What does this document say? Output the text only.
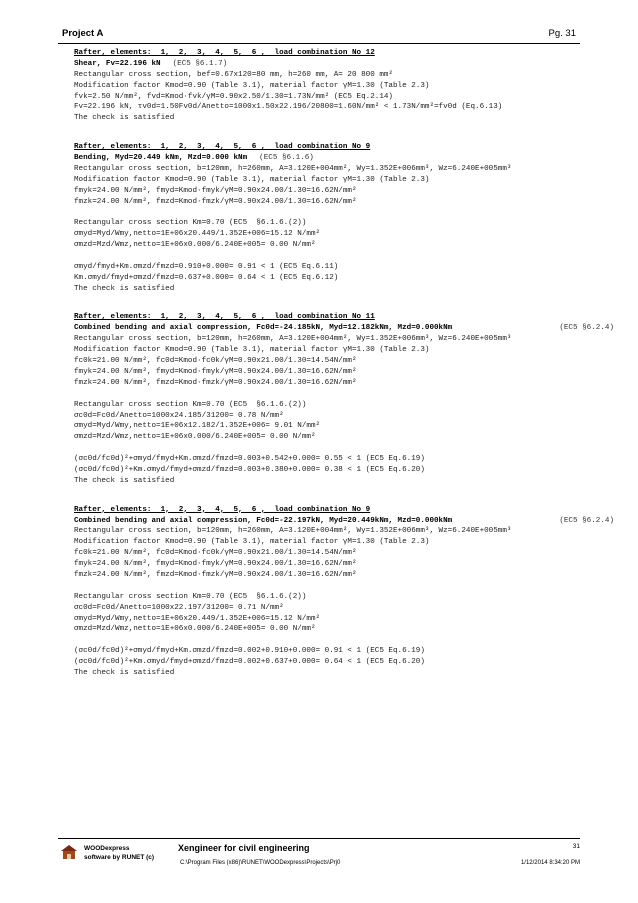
Project A	Pg. 31
Rafter, elements:  1,  2,  3,  4,  5,  6 ,  load combination No 12
Shear, Fv=22.196 kN (EC5 §6.1.7)
Rectangular cross section, bef=0.67x120=80 mm, h=260 mm, A= 20 800 mm²
Modification factor Kmod=0.90 (Table 3.1), material factor γM=1.30 (Table 2.3)
fvk=2.50 N/mm², fvd=Kmod·fvk/γM=0.90x2.50/1.30=1.73N/mm² (EC5 Eq.2.14)
Fv=22.196 kN, τv0d=1.50Fv0d/Anetto=1000x1.50x22.196/20800=1.60N/mm² < 1.73N/mm²=fv0d (Eq.6.13)
The check is satisfied
Rafter, elements:  1,  2,  3,  4,  5,  6 ,  load combination No 9
Bending, Myd=20.449 kNm, Mzd=0.000 kNm (EC5 §6.1.6)
Rectangular cross section, b=120mm, h=260mm, A=3.120E+004mm², Wy=1.352E+006mm³, Wz=6.240E+005mm³
Modification factor Kmod=0.90 (Table 3.1), material factor γM=1.30 (Table 2.3)
fmyk=24.00 N/mm², fmyd=Kmod·fmyk/γM=0.90x24.00/1.30=16.62N/mm²
fmzk=24.00 N/mm², fmzd=Kmod·fmzk/γM=0.90x24.00/1.30=16.62N/mm²
Rectangular cross section Km=0.70 (EC5  §6.1.6.(2))
σmyd=Myd/Wmy,netto=1E+06x20.449/1.352E+006=15.12 N/mm²
σmzd=Mzd/Wmz,netto=1E+06x0.000/6.240E+005= 0.00 N/mm²
σmyd/fmyd+Km.σmzd/fmzd=0.910+0.000= 0.91 < 1 (EC5 Eq.6.11)
Km.σmyd/fmyd+σmzd/fmzd=0.637+0.000= 0.64 < 1 (EC5 Eq.6.12)
The check is satisfied
Rafter, elements:  1,  2,  3,  4,  5,  6 ,  load combination No 11
Combined bending and axial compression, Fc0d=-24.185kN, Myd=12.182kNm, Mzd=0.000kNm	(EC5 §6.2.4)
Rectangular cross section, b=120mm, h=260mm, A=3.120E+004mm², Wy=1.352E+006mm³, Wz=6.240E+005mm³
Modification factor Kmod=0.90 (Table 3.1), material factor γM=1.30 (Table 2.3)
fc0k=21.00 N/mm², fc0d=Kmod·fc0k/γM=0.90x21.00/1.30=14.54N/mm²
fmyk=24.00 N/mm², fmyd=Kmod·fmyk/γM=0.90x24.00/1.30=16.62N/mm²
fmzk=24.00 N/mm², fmzd=Kmod·fmzk/γM=0.90x24.00/1.30=16.62N/mm²
Rectangular cross section Km=0.70 (EC5  §6.1.6.(2))
σc0d=Fc0d/Anetto=1000x24.185/31200= 0.78 N/mm²
σmyd=Myd/Wmy,netto=1E+06x12.182/1.352E+006= 9.01 N/mm²
σmzd=Mzd/Wmz,netto=1E+06x0.000/6.240E+005= 0.00 N/mm²
(σc0d/fc0d)²+σmyd/fmyd+Km.σmzd/fmzd=0.003+0.542+0.000= 0.55 < 1 (EC5 Eq.6.19)
(σc0d/fc0d)²+Km.σmyd/fmyd+σmzd/fmzd=0.003+0.380+0.000= 0.38 < 1 (EC5 Eq.6.20)
The check is satisfied
Rafter, elements:  1,  2,  3,  4,  5,  6 ,  load combination No 9
Combined bending and axial compression, Fc0d=-22.197kN, Myd=20.449kNm, Mzd=0.000kNm	(EC5 §6.2.4)
Rectangular cross section, b=120mm, h=260mm, A=3.120E+004mm², Wy=1.352E+006mm³, Wz=6.240E+005mm³
Modification factor Kmod=0.90 (Table 3.1), material factor γM=1.30 (Table 2.3)
fc0k=21.00 N/mm², fc0d=Kmod·fc0k/γM=0.90x21.00/1.30=14.54N/mm²
fmyk=24.00 N/mm², fmyd=Kmod·fmyk/γM=0.90x24.00/1.30=16.62N/mm²
fmzk=24.00 N/mm², fmzd=Kmod·fmzk/γM=0.90x24.00/1.30=16.62N/mm²
Rectangular cross section Km=0.70 (EC5  §6.1.6.(2))
σc0d=Fc0d/Anetto=1000x22.197/31200= 0.71 N/mm²
σmyd=Myd/Wmy,netto=1E+06x20.449/1.352E+006=15.12 N/mm²
σmzd=Mzd/Wmz,netto=1E+06x0.000/6.240E+005= 0.00 N/mm²
(σc0d/fc0d)²+σmyd/fmyd+Km.σmzd/fmzd=0.002+0.910+0.000= 0.91 < 1 (EC5 Eq.6.19)
(σc0d/fc0d)²+Km.σmyd/fmyd+σmzd/fmzd=0.002+0.637+0.000= 0.64 < 1 (EC5 Eq.6.20)
The check is satisfied
WOODexpress
software by RUNET (c)
Xengineer for civil engineering
C:\Program Files (x86)\RUNET\WOODexpress\Projects\Prj0
31
1/12/2014 8:34:20 PM
